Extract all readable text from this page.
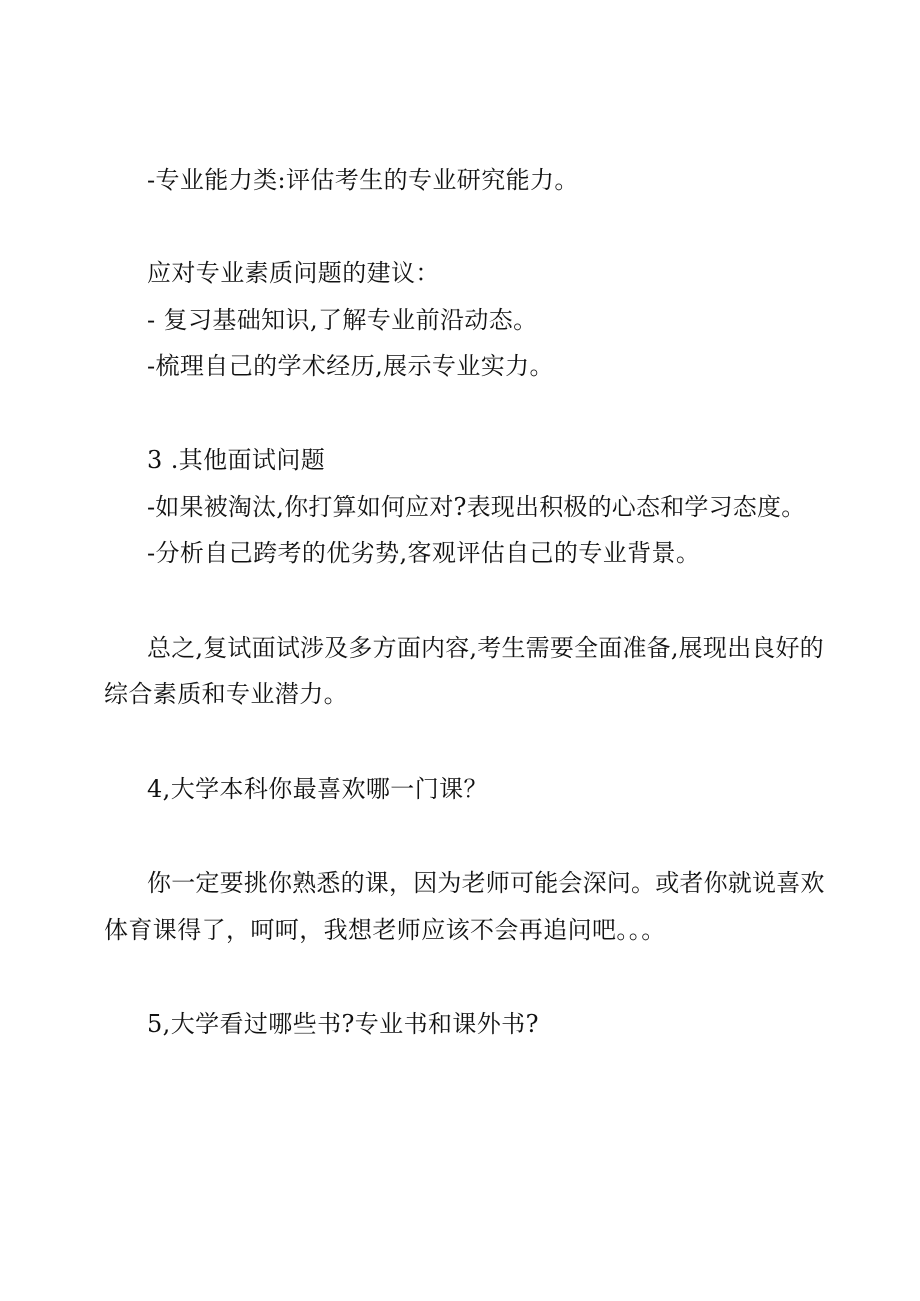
-专业能力类:评估考生的专业研究能力。
应对专业素质问题的建议：
- 复习基础知识,了解专业前沿动态。
-梳理自己的学术经历,展示专业实力。
3 .其他面试问题
-如果被淘汰,你打算如何应对?表现出积极的心态和学习态度。
-分析自己跨考的优劣势,客观评估自己的专业背景。
总之,复试面试涉及多方面内容,考生需要全面准备,展现出良好的
综合素质和专业潜力。
4,大学本科你最喜欢哪一门课？
你一定要挑你熟悉的课，因为老师可能会深问。或者你就说喜欢
体育课得了，呵呵，我想老师应该不会再追问吧。。。
5,大学看过哪些书?专业书和课外书?
